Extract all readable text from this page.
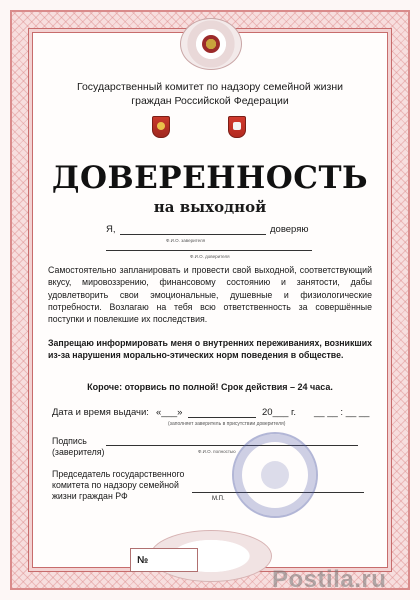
Государственный комитет по надзору семейной жизни
граждан Российской Федерации
ДОВЕРЕННОСТЬ
на выходной
Я,	доверяю
Ф.И.О. заверителя
Ф.И.О. доверителя
Самостоятельно запланировать и провести свой выходной, соответствующий вкусу, мировоззрению, финансовому состоянию и занятости, дабы удовлетворить свои эмоциональные, душевные и физиологические потребности. Возлагаю на тебя всю ответственность за совершённые поступки и повлекшие их последствия.
Запрещаю информировать меня о внутренних переживаниях, возникших из-за нарушения морально-этических норм поведения в обществе.
Короче: оторвись по полной! Срок действия – 24 часа.
Дата и время выдачи: «___»	20___ г. __ __ : __ __
(заполняет заверитель в присутствии доверителя)
Подпись
(заверителя)	Ф.И.О. полностью
Председатель государственного
комитета по надзору семейной
жизни граждан РФ	М.П.
№
Postila.ru
